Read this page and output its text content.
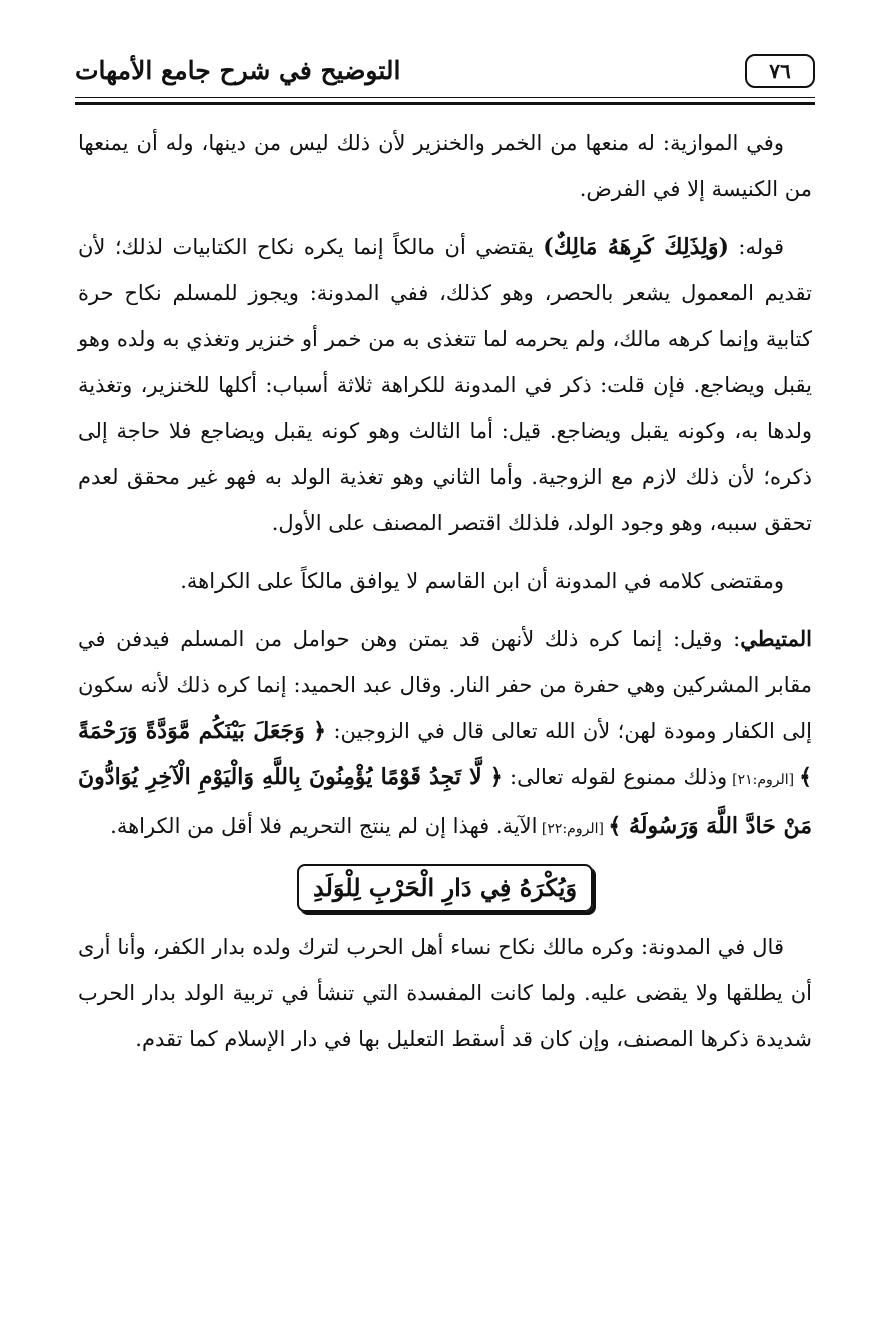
التوضيح في شرح جامع الأمهات	٧٦

وفي الموازية: له منعها من الخمر والخنزير لأن ذلك ليس من دينها، وله أن يمنعها من الكنيسة إلا في الفرض.

قوله: (وَلِذَلِكَ كَرِهَهُ مَالِكٌ) يقتضي أن مالكاً إنما يكره نكاح الكتابيات لذلك؛ لأن تقديم المعمول يشعر بالحصر، وهو كذلك، ففي المدونة: ويجوز للمسلم نكاح حرة كتابية وإنما كرهه مالك، ولم يحرمه لما تتغذى به من خمر أو خنزير وتغذي به ولده وهو يقبل ويضاجع. فإن قلت: ذكر في المدونة للكراهة ثلاثة أسباب: أكلها للخنزير، وتغذية ولدها به، وكونه يقبل ويضاجع. قيل: أما الثالث وهو كونه يقبل ويضاجع فلا حاجة إلى ذكره؛ لأن ذلك لازم مع الزوجية. وأما الثاني وهو تغذية الولد به فهو غير محقق لعدم تحقق سببه، وهو وجود الولد، فلذلك اقتصر المصنف على الأول.

ومقتضى كلامه في المدونة أن ابن القاسم لا يوافق مالكاً على الكراهة.

المتيطي: وقيل: إنما كره ذلك لأنهن قد يمتن وهن حوامل من المسلم فيدفن في مقابر المشركين وهي حفرة من حفر النار. وقال عبد الحميد: إنما كره ذلك لأنه سكون إلى الكفار ومودة لهن؛ لأن الله تعالى قال في الزوجين: ﴿ وَجَعَلَ بَيْنَكُم مَّوَدَّةً وَرَحْمَةً ﴾ [الروم:٢١] وذلك ممنوع لقوله تعالى: ﴿ لَّا تَجِدُ قَوْمًا يُؤْمِنُونَ بِاللَّهِ وَالْيَوْمِ الْآخِرِ يُوَادُّونَ مَنْ حَادَّ اللَّهَ وَرَسُولَهُ ﴾ [الروم:٢٢] الآية. فهذا إن لم ينتج التحريم فلا أقل من الكراهة.

وَيُكْرَهُ فِي دَارِ الْحَرْبِ لِلْوَلَدِ

قال في المدونة: وكره مالك نكاح نساء أهل الحرب لترك ولده بدار الكفر، وأنا أرى أن يطلقها ولا يقضى عليه. ولما كانت المفسدة التي تنشأ في تربية الولد بدار الحرب شديدة ذكرها المصنف، وإن كان قد أسقط التعليل بها في دار الإسلام كما تقدم.
